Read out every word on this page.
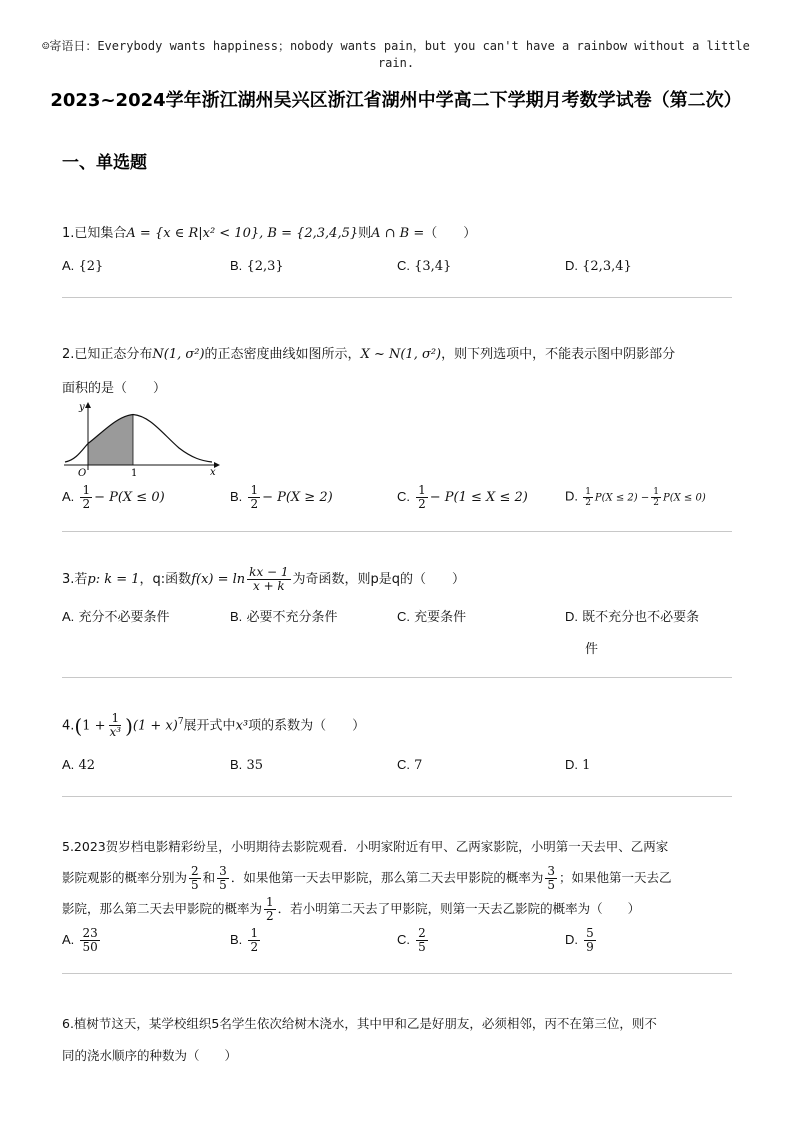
☺寄语日：Everybody wants happiness；nobody wants pain，but you can't have a rainbow without a little rain.
2023~2024学年浙江湖州吴兴区浙江省湖州中学高二下学期月考数学试卷（第二次）
一、单选题
1.已知集合A = {x ∈ R|x² < 10}, B = {2,3,4,5}则A ∩ B =（　　）
A. {2}	B. {2,3}	C. {3,4}	D. {2,3,4}
2.已知正态分布N(1, σ²)的正态密度曲线如图所示，X ~ N(1, σ²)，则下列选项中，不能表示图中阴影部分
面积的是（　　）
y
x
O	1
A. $\frac{1}{2} - P(X \le 0)$	B. $\frac{1}{2} - P(X \ge 2)$	C. $\frac{1}{2} - P(1 \le X \le 2)$	D. $\frac{1}{2} P(X \le 2) - \frac{1}{2} P(X \le 0)$
3.若p: k = 1，q:函数$f(x) = \ln \frac{kx - 1}{x + k}$ 为奇函数，则p是q的（　　）
A. 充分不必要条件	B. 必要不充分条件	C. 充要条件	D. 既不充分也不必要条
件
$4.(1 + \frac{1}{\text{x³}} )(1 + x)^7$展开式中x³项的系数为（　　）
A. 42	B. 35	C. 7	D. 1
5.2023贺岁档电影精彩纷呈，小明期待去影院观看．小明家附近有甲、乙两家影院，小明第一天去甲、乙两家
影院观影的概率分别为 $\frac{2}{5}$ 和 $\frac{3}{5}$ ．如果他第一天去甲影院，那么第二天去甲影院的概率为 $\frac{3}{5}$ ；如果他第一天去乙
影院，那么第二天去甲影院的概率为 $\frac{1}{2}$ ．若小明第二天去了甲影院，则第一天去乙影院的概率为（　　）
A. $\frac{23}{50}$	B. $\frac{1}{2}$	C. $\frac{2}{5}$	D. $\frac{5}{9}$
6.植树节这天，某学校组织5名学生依次给树木浇水，其中甲和乙是好朋友，必须相邻，丙不在第三位，则不
同的浇水顺序的种数为（　　）
